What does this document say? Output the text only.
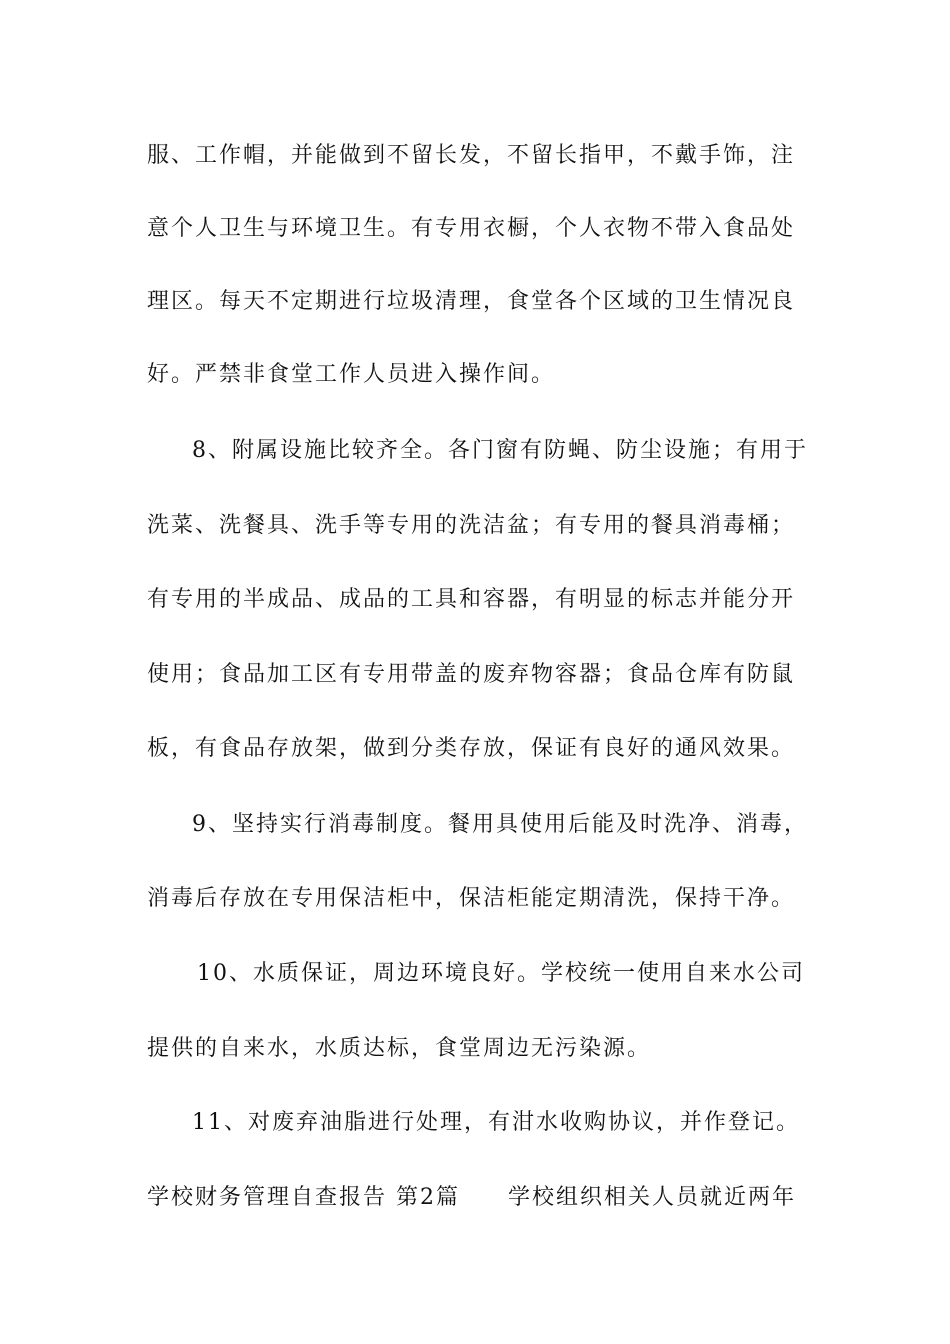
服、工作帽，并能做到不留长发，不留长指甲，不戴手饰，注
意个人卫生与环境卫生。有专用衣橱，个人衣物不带入食品处
理区。每天不定期进行垃圾清理，食堂各个区域的卫生情况良
好。严禁非食堂工作人员进入操作间。
8、附属设施比较齐全。各门窗有防蝇、防尘设施；有用于
洗菜、洗餐具、洗手等专用的洗洁盆；有专用的餐具消毒桶；
有专用的半成品、成品的工具和容器，有明显的标志并能分开
使用；食品加工区有专用带盖的废弃物容器；食品仓库有防鼠
板，有食品存放架，做到分类存放，保证有良好的通风效果。
9、坚持实行消毒制度。餐用具使用后能及时洗净、消毒，
消毒后存放在专用保洁柜中，保洁柜能定期清洗，保持干净。
10、水质保证，周边环境良好。学校统一使用自来水公司
提供的自来水，水质达标，食堂周边无污染源。
11、对废弃油脂进行处理，有泔水收购协议，并作登记。
学校财务管理自查报告 第2篇　　学校组织相关人员就近两年
